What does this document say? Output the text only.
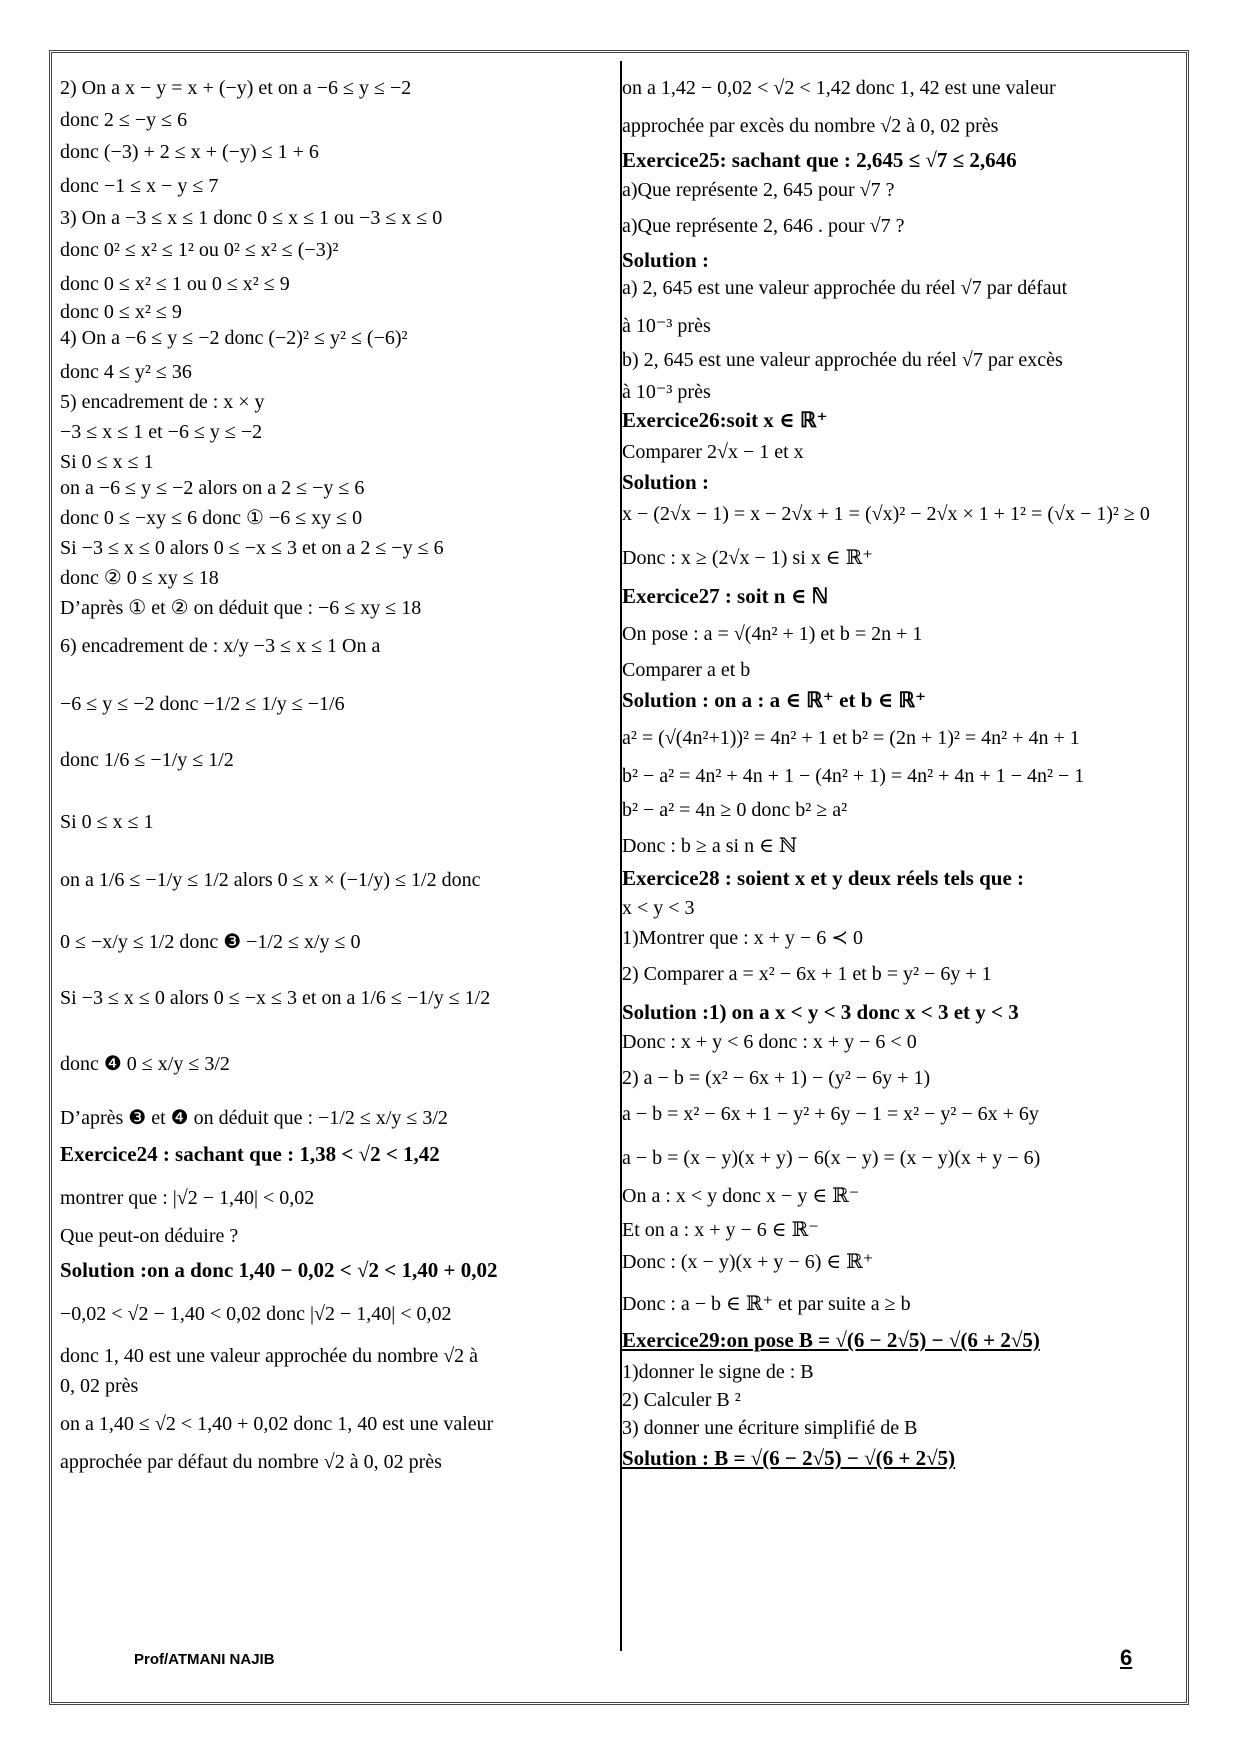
2) On a x − y = x + (−y) et on a −6 ≤ y ≤ −2
donc 2 ≤ −y ≤ 6
donc (−3) + 2 ≤ x + (−y) ≤ 1 + 6
donc −1 ≤ x − y ≤ 7
3) On a −3 ≤ x ≤ 1 donc 0 ≤ x ≤ 1 ou −3 ≤ x ≤ 0
donc 0² ≤ x² ≤ 1² ou 0² ≤ x² ≤ (−3)²
donc 0 ≤ x² ≤ 1 ou 0 ≤ x² ≤ 9
donc 0 ≤ x² ≤ 9
4) On a −6 ≤ y ≤ −2 donc (−2)² ≤ y² ≤ (−6)²
donc 4 ≤ y² ≤ 36
5) encadrement de : x × y
−3 ≤ x ≤ 1 et −6 ≤ y ≤ −2
Si 0 ≤ x ≤ 1
on a −6 ≤ y ≤ −2 alors on a 2 ≤ −y ≤ 6
donc 0 ≤ −xy ≤ 6 donc ① −6 ≤ xy ≤ 0
Si −3 ≤ x ≤ 0 alors 0 ≤ −x ≤ 3 et on a 2 ≤ −y ≤ 6
donc ② 0 ≤ xy ≤ 18
D’après ① et ② on déduit que : −6 ≤ xy ≤ 18
6) encadrement de : x/y −3 ≤ x ≤ 1 On a
−6 ≤ y ≤ −2 donc −1/2 ≤ 1/y ≤ −1/6
donc 1/6 ≤ −1/y ≤ 1/2
Si 0 ≤ x ≤ 1
on a 1/6 ≤ −1/y ≤ 1/2 alors 0 ≤ x × (−1/y) ≤ 1/2 donc
0 ≤ −x/y ≤ 1/2 donc ❸ −1/2 ≤ x/y ≤ 0
Si −3 ≤ x ≤ 0 alors 0 ≤ −x ≤ 3 et on a 1/6 ≤ −1/y ≤ 1/2
donc ❹ 0 ≤ x/y ≤ 3/2
D’après ❸ et ❹ on déduit que : −1/2 ≤ x/y ≤ 3/2
Exercice24 : sachant que : 1,38 < √2 < 1,42
montrer que : |√2 − 1,40| < 0,02
Que peut-on déduire ?
Solution :on a donc 1,40 − 0,02 < √2 < 1,40 + 0,02
−0,02 < √2 − 1,40 < 0,02 donc |√2 − 1,40| < 0,02
donc 1, 40 est une valeur approchée du nombre √2 à
0, 02 près
on a 1,40 ≤ √2 < 1,40 + 0,02 donc 1, 40 est une valeur
approchée par défaut du nombre √2 à 0, 02 près
on a 1,42 − 0,02 < √2 < 1,42 donc 1, 42 est une valeur
approchée par excès du nombre √2 à 0, 02 près
Exercice25: sachant que : 2,645 ≤ √7 ≤ 2,646
a)Que représente 2, 645 pour √7 ?
a)Que représente 2, 646 . pour √7 ?
Solution :
a) 2, 645 est une valeur approchée du réel √7 par défaut
à 10⁻³ près
b) 2, 645 est une valeur approchée du réel √7 par excès
à 10⁻³ près
Exercice26:soit x ∈ ℝ⁺
Comparer 2√x − 1 et x
Solution :
x − (2√x − 1) = x − 2√x + 1 = (√x)² − 2√x × 1 + 1² = (√x − 1)² ≥ 0
Donc : x ≥ (2√x − 1) si x ∈ ℝ⁺
Exercice27 : soit n ∈ ℕ
On pose : a = √(4n² + 1) et b = 2n + 1
Comparer a et b
Solution : on a : a ∈ ℝ⁺ et b ∈ ℝ⁺
a² = (√(4n²+1))² = 4n² + 1 et b² = (2n + 1)² = 4n² + 4n + 1
b² − a² = 4n² + 4n + 1 − (4n² + 1) = 4n² + 4n + 1 − 4n² − 1
b² − a² = 4n ≥ 0 donc b² ≥ a²
Donc : b ≥ a si n ∈ ℕ
Exercice28 : soient x et y deux réels tels que :
x < y < 3
1)Montrer que : x + y − 6 ≺ 0
2) Comparer a = x² − 6x + 1 et b = y² − 6y + 1
Solution :1) on a x < y < 3 donc x < 3 et y < 3
Donc : x + y < 6 donc : x + y − 6 < 0
2) a − b = (x² − 6x + 1) − (y² − 6y + 1)
a − b = x² − 6x + 1 − y² + 6y − 1 = x² − y² − 6x + 6y
a − b = (x − y)(x + y) − 6(x − y) = (x − y)(x + y − 6)
On a : x < y donc x − y ∈ ℝ⁻
Et on a : x + y − 6 ∈ ℝ⁻
Donc : (x − y)(x + y − 6) ∈ ℝ⁺
Donc : a − b ∈ ℝ⁺ et par suite a ≥ b
Exercice29:on pose B = √(6 − 2√5) − √(6 + 2√5)
1)donner le signe de : B
2) Calculer B ²
3) donner une écriture simplifié de B
Solution : B = √(6 − 2√5) − √(6 + 2√5)
Prof/ATMANI NAJIB	6
